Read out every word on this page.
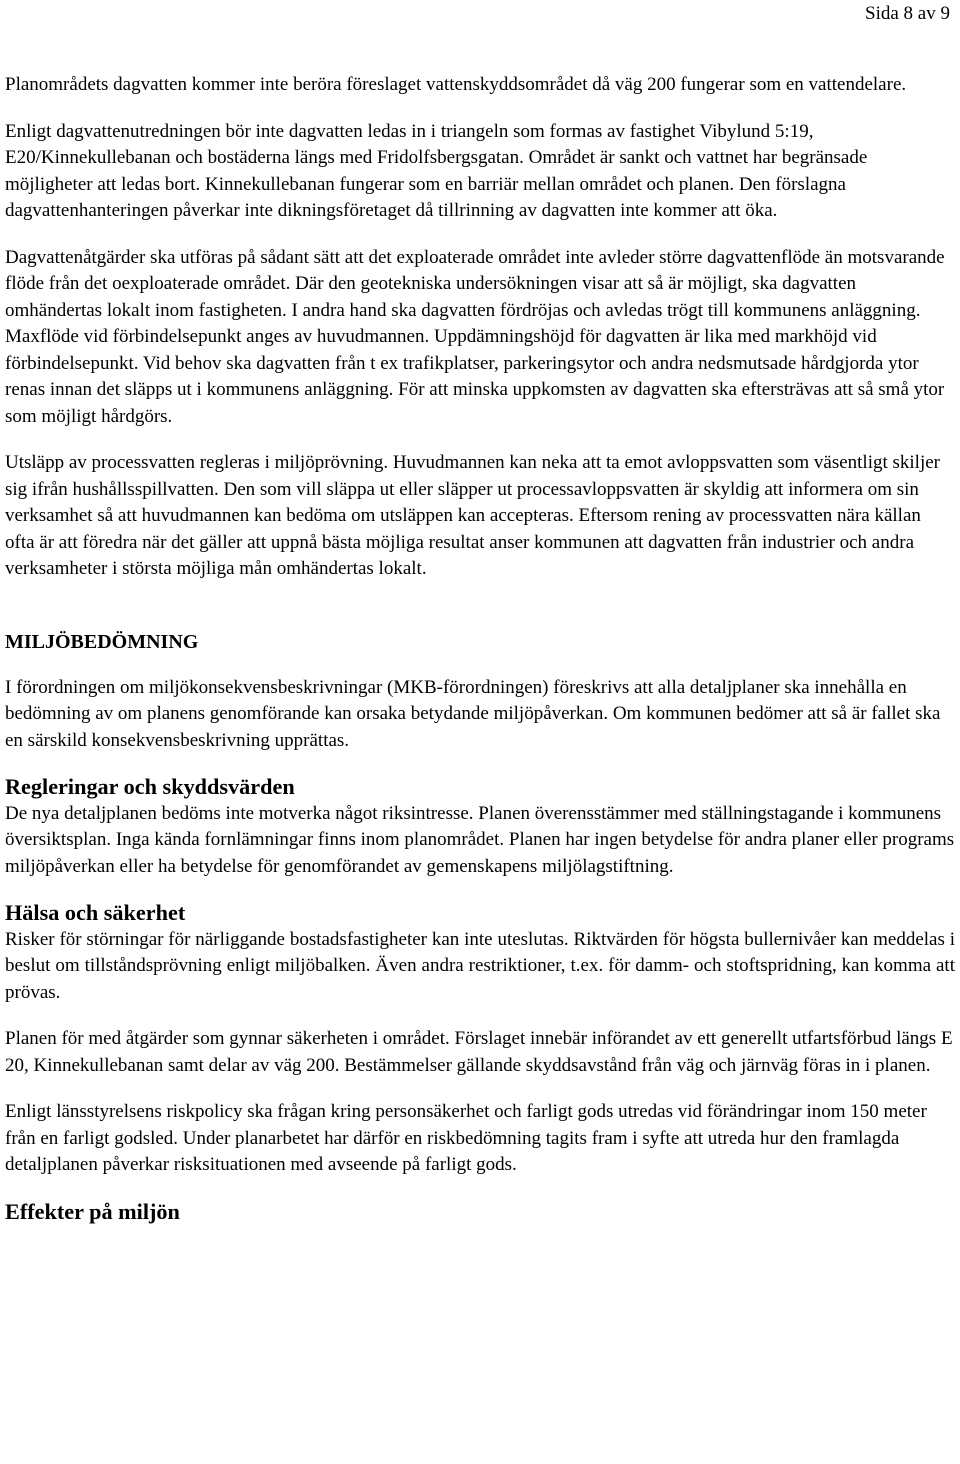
Sida 8 av 9

Planområdets dagvatten kommer inte beröra föreslaget vattenskyddsområdet då väg 200 fungerar som en vattendelare.

Enligt dagvattenutredningen bör inte dagvatten ledas in i triangeln som formas av fastighet Vibylund 5:19, E20/Kinnekullebanan och bostäderna längs med Fridolfsbergsgatan. Området är sankt och vattnet har begränsade möjligheter att ledas bort. Kinnekullebanan fungerar som en barriär mellan området och planen. Den förslagna dagvattenhanteringen påverkar inte dikningsföretaget då tillrinning av dagvatten inte kommer att öka.

Dagvattenåtgärder ska utföras på sådant sätt att det exploaterade området inte avleder större dagvattenflöde än motsvarande flöde från det oexploaterade området. Där den geotekniska undersökningen visar att så är möjligt, ska dagvatten omhändertas lokalt inom fastigheten. I andra hand ska dagvatten fördröjas och avledas trögt till kommunens anläggning. Maxflöde vid förbindelsepunkt anges av huvudmannen. Uppdämningshöjd för dagvatten är lika med markhöjd vid förbindelsepunkt. Vid behov ska dagvatten från t ex trafikplatser, parkeringsytor och andra nedsmutsade hårdgjorda ytor renas innan det släpps ut i kommunens anläggning. För att minska uppkomsten av dagvatten ska eftersträvas att så små ytor som möjligt hårdgörs.

Utsläpp av processvatten regleras i miljöprövning. Huvudmannen kan neka att ta emot avloppsvatten som väsentligt skiljer sig ifrån hushållsspillvatten. Den som vill släppa ut eller släpper ut processavloppsvatten är skyldig att informera om sin verksamhet så att huvudmannen kan bedöma om utsläppen kan accepteras. Eftersom rening av processvatten nära källan ofta är att föredra när det gäller att uppnå bästa möjliga resultat anser kommunen att dagvatten från industrier och andra verksamheter i största möjliga mån omhändertas lokalt.

MILJÖBEDÖMNING

I förordningen om miljökonsekvensbeskrivningar (MKB-förordningen) föreskrivs att alla detaljplaner ska innehålla en bedömning av om planens genomförande kan orsaka betydande miljöpåverkan. Om kommunen bedömer att så är fallet ska en särskild konsekvensbeskrivning upprättas.

Regleringar och skyddsvärden

De nya detaljplanen bedöms inte motverka något riksintresse. Planen överensstämmer med ställningstagande i kommunens översiktsplan. Inga kända fornlämningar finns inom planområdet. Planen har ingen betydelse för andra planer eller programs miljöpåverkan eller ha betydelse för genomförandet av gemenskapens miljölagstiftning.

Hälsa och säkerhet

Risker för störningar för närliggande bostadsfastigheter kan inte uteslutas. Riktvärden för högsta bullernivåer kan meddelas i beslut om tillståndsprövning enligt miljöbalken. Även andra restriktioner, t.ex. för damm- och stoftspridning, kan komma att prövas.

Planen för med åtgärder som gynnar säkerheten i området. Förslaget innebär införandet av ett generellt utfartsförbud längs E 20, Kinnekullebanan samt delar av väg 200. Bestämmelser gällande skyddsavstånd från väg och järnväg föras in i planen.

Enligt länsstyrelsens riskpolicy ska frågan kring personsäkerhet och farligt gods utredas vid förändringar inom 150 meter från en farligt godsled. Under planarbetet har därför en riskbedömning tagits fram i syfte att utreda hur den framlagda detaljplanen påverkar risksituationen med avseende på farligt gods.

Effekter på miljön
